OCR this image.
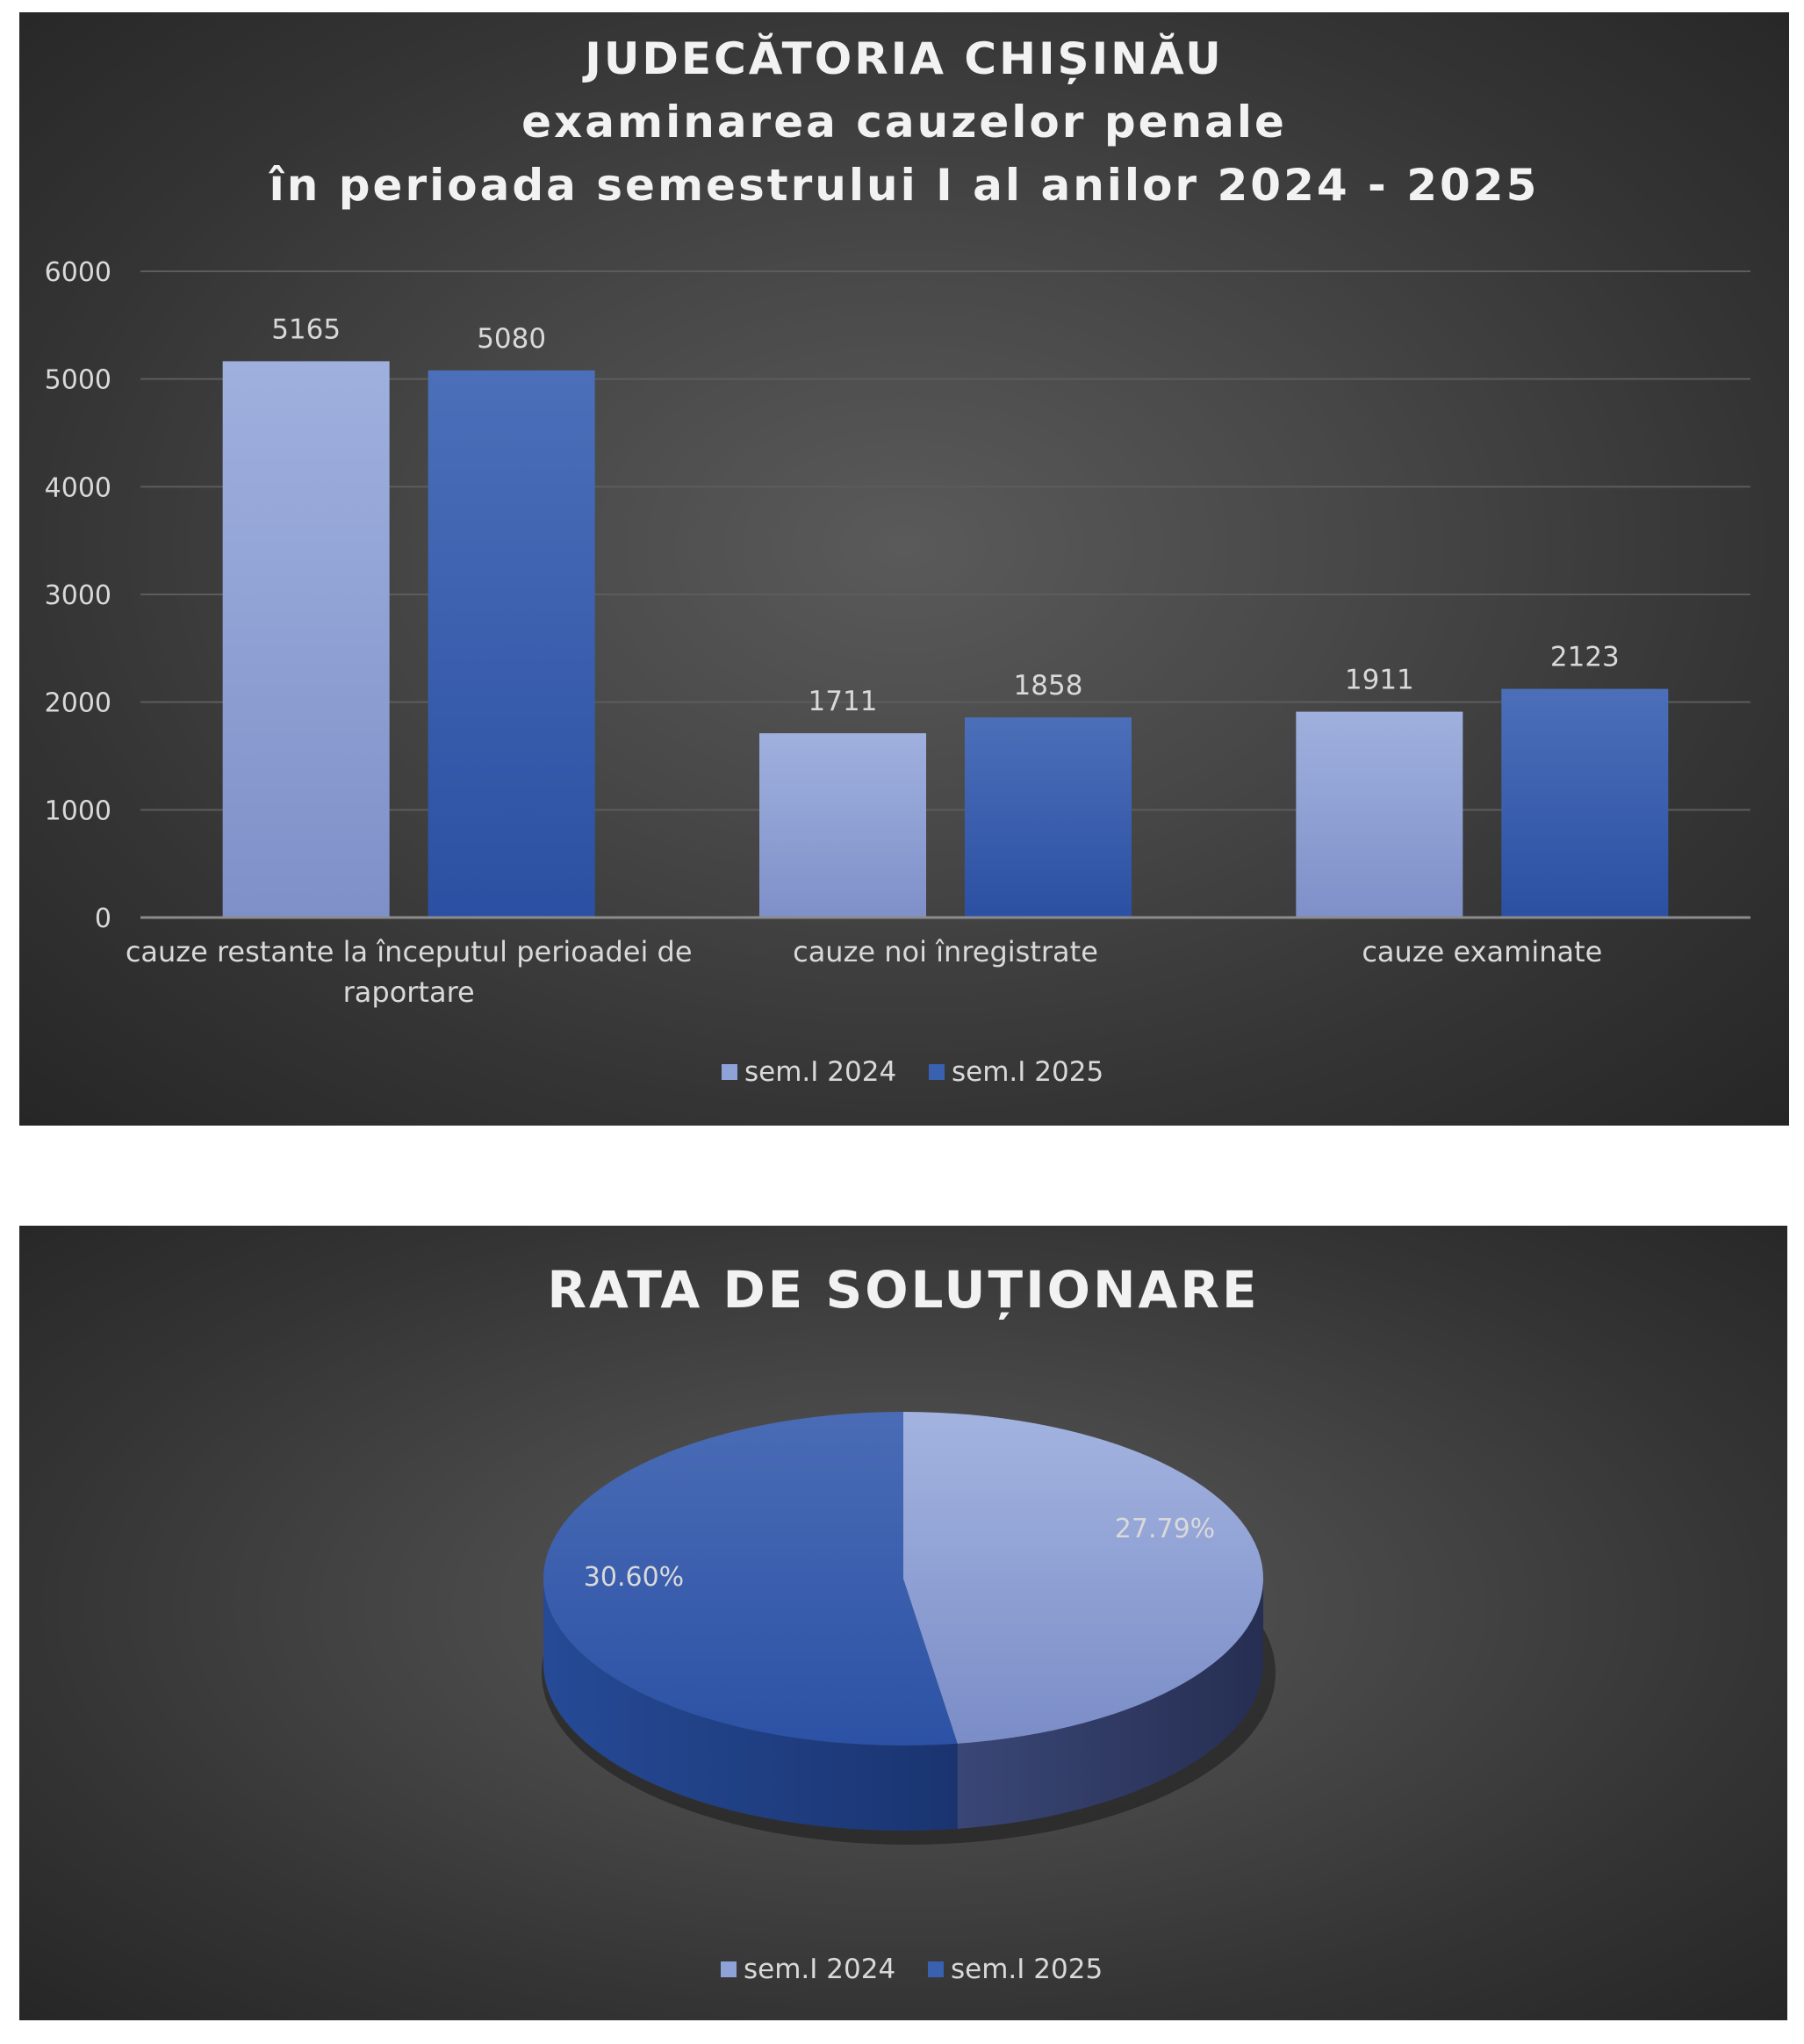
JUDECĂTORIA CHIȘINĂU
examinarea cauzelor penale
în perioada semestrului I al anilor 2024 - 2025
0
1000
2000
3000
4000
5000
6000
5165	5080
1711
1858	1911
2123
cauze restante la începutul perioadei de
raportare
cauze noi înregistrate	cauze examinate
sem.I 2024 sem.I 2025
RATA DE SOLUȚIONARE
27.79%
30.60%
sem.I 2024 sem.I 2025
